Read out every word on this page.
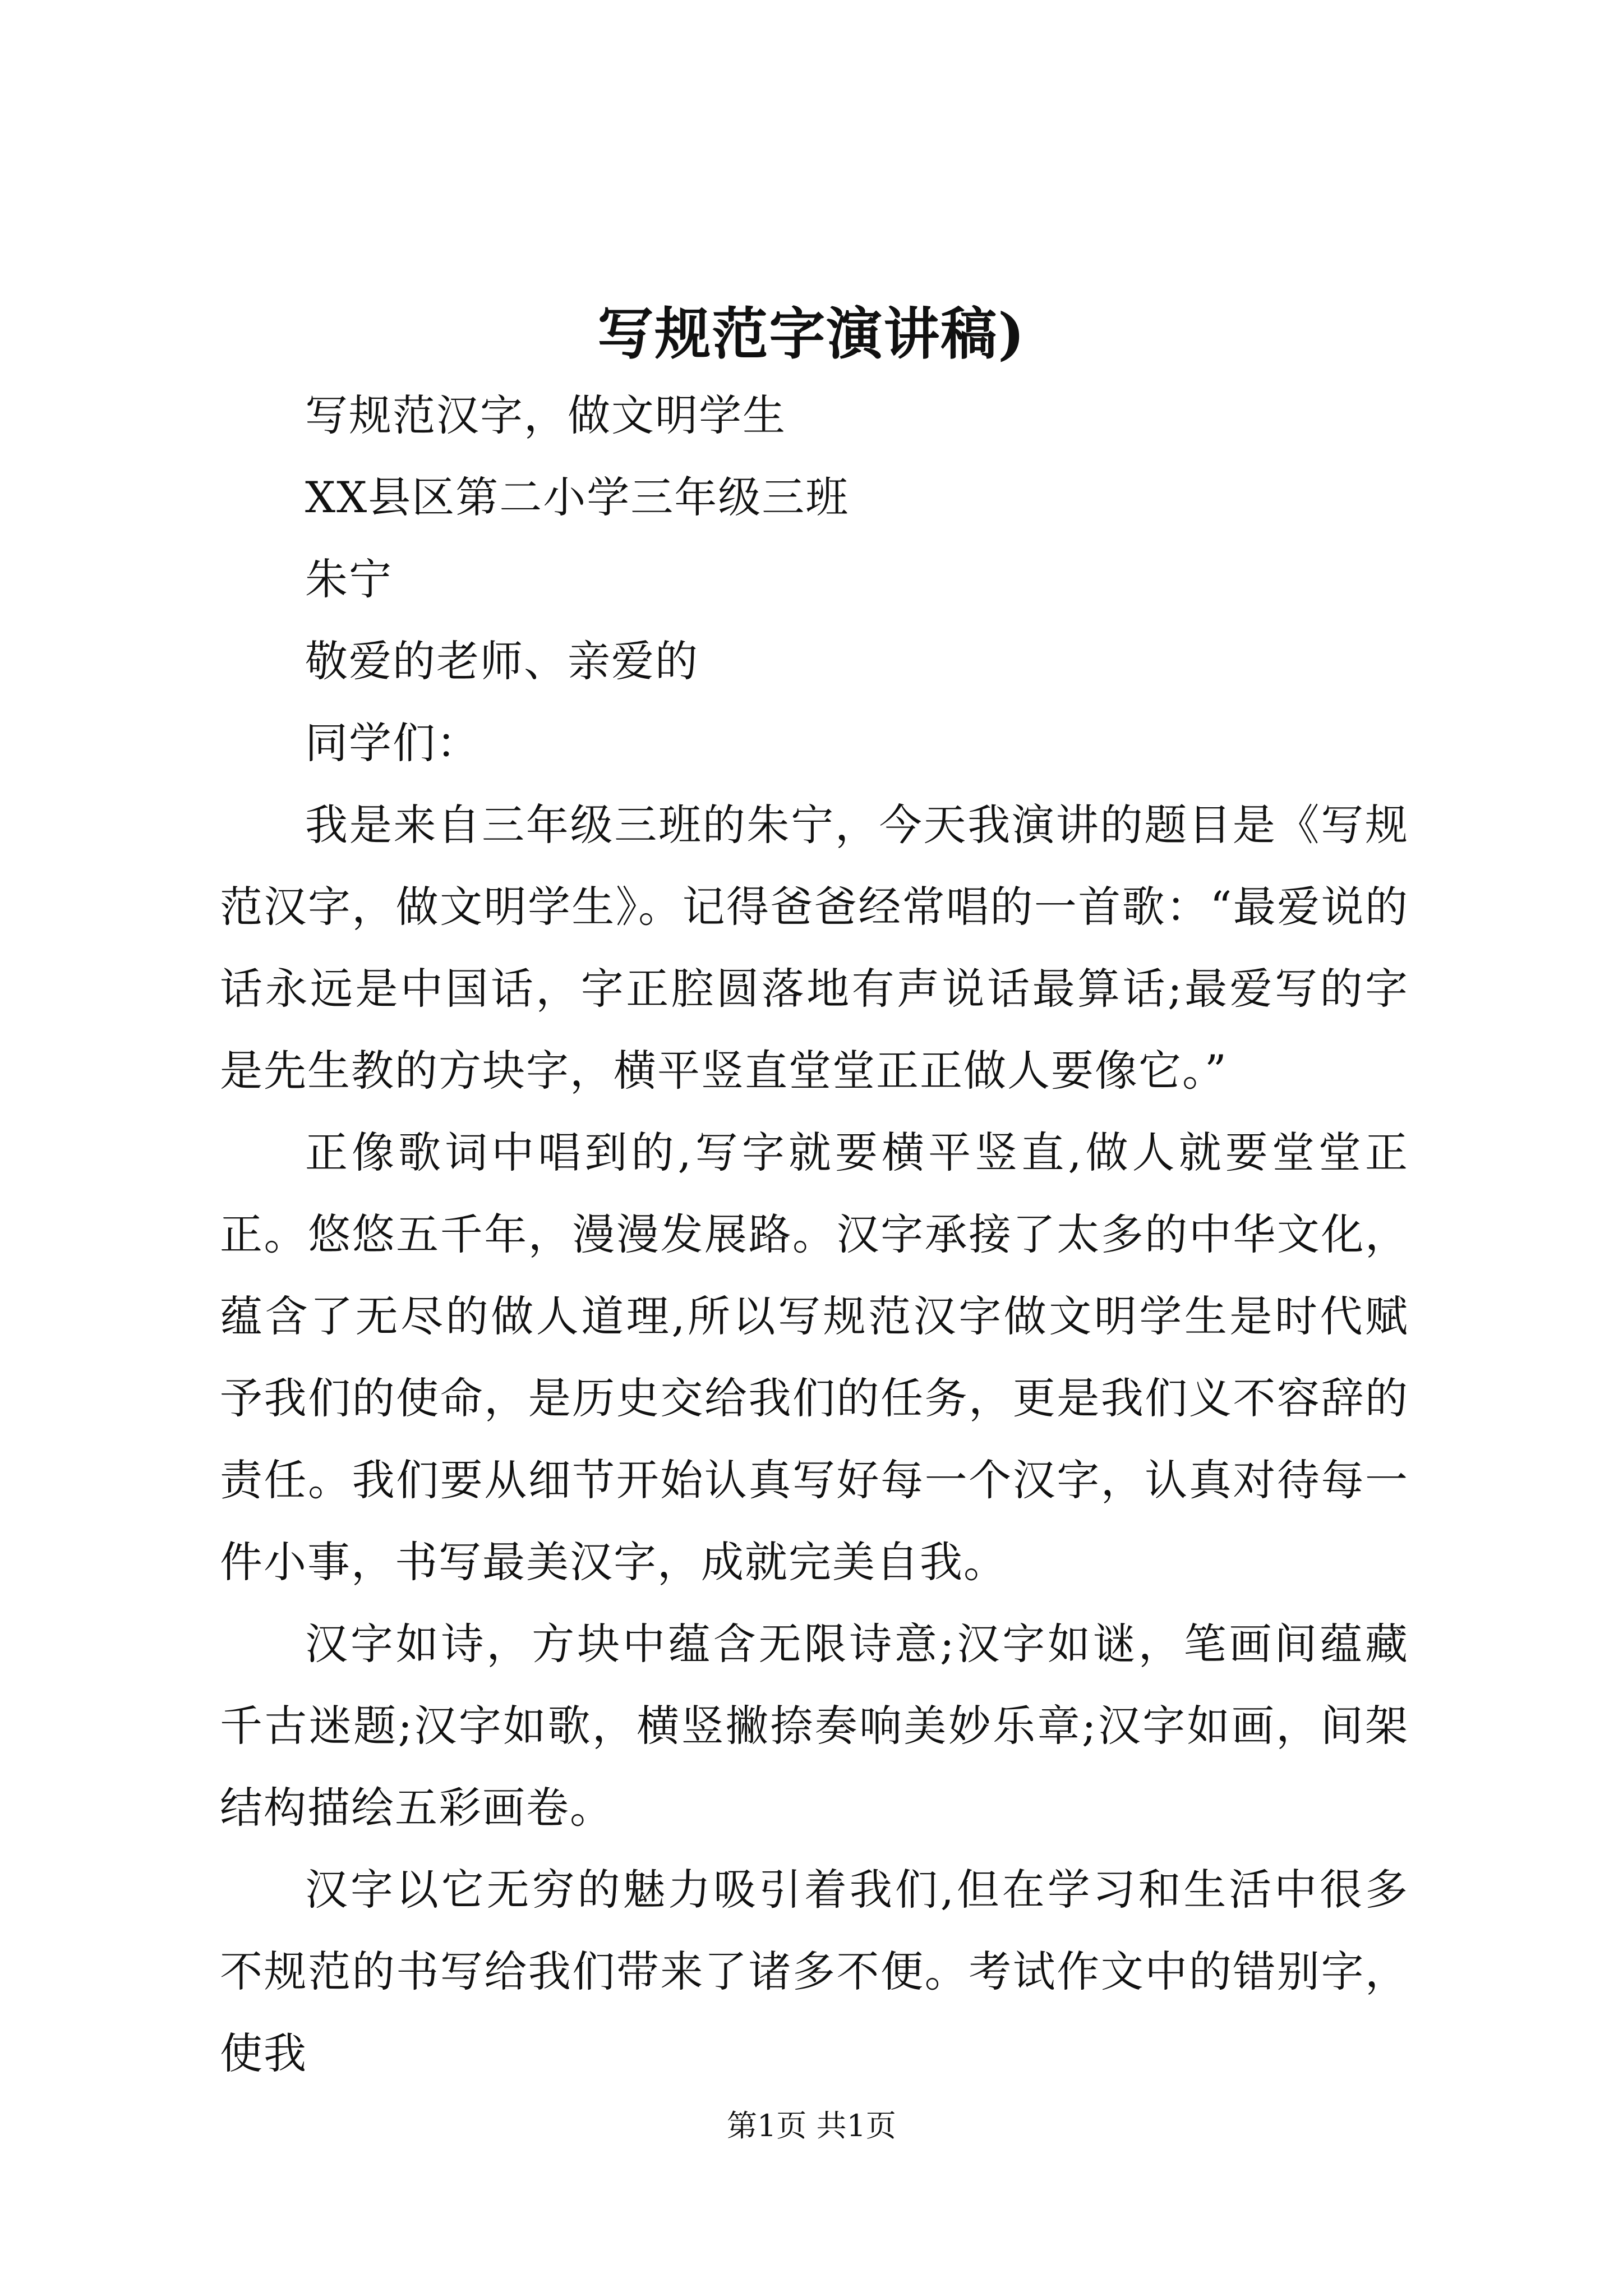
写规范字演讲稿)

写规范汉字，做文明学生

XX县区第二小学三年级三班

朱宁

敬爱的老师、亲爱的

同学们：

我是来自三年级三班的朱宁，今天我演讲的题目是《写规范汉字，做文明学生》。记得爸爸经常唱的一首歌：“最爱说的话永远是中国话，字正腔圆落地有声说话最算话;最爱写的字是先生教的方块字，横平竖直堂堂正正做人要像它。”

正像歌词中唱到的,写字就要横平竖直,做人就要堂堂正正。悠悠五千年，漫漫发展路。汉字承接了太多的中华文化，蕴含了无尽的做人道理,所以写规范汉字做文明学生是时代赋予我们的使命，是历史交给我们的任务，更是我们义不容辞的责任。我们要从细节开始认真写好每一个汉字，认真对待每一件小事，书写最美汉字，成就完美自我。

汉字如诗，方块中蕴含无限诗意;汉字如谜，笔画间蕴藏千古迷题;汉字如歌，横竖撇捺奏响美妙乐章;汉字如画，间架结构描绘五彩画卷。

汉字以它无穷的魅力吸引着我们,但在学习和生活中很多不规范的书写给我们带来了诸多不便。考试作文中的错别字，使我

第1页 共1页
